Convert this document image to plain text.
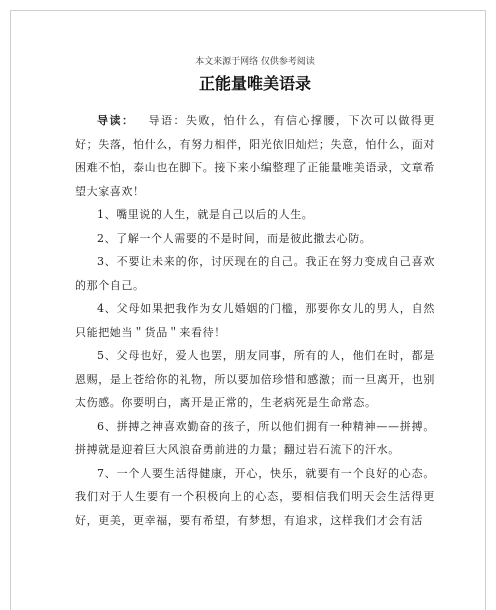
本文来源于网络 仅供参考阅读
正能量唯美语录

导读： 导语：失败，怕什么，有信心撑腰，下次可以做得更好；失落，怕什么，有努力相伴，阳光依旧灿烂；失意，怕什么，面对困难不怕，泰山也在脚下。接下来小编整理了正能量唯美语录，文章希望大家喜欢！

1、嘴里说的人生，就是自己以后的人生。

2、了解一个人需要的不是时间，而是彼此撒去心防。

3、不要让未来的你，讨厌现在的自己。我正在努力变成自己喜欢的那个自己。

4、父母如果把我作为女儿婚姻的门槛，那要你女儿的男人，自然只能把她当＂货品＂来看待！

5、父母也好，爱人也罢，朋友同事，所有的人，他们在时，都是恩赐，是上苍给你的礼物，所以要加倍珍惜和感激；而一旦离开，也别太伤感。你要明白，离开是正常的，生老病死是生命常态。

6、拼搏之神喜欢勤奋的孩子，所以他们拥有一种精神——拼搏。拼搏就是迎着巨大风浪奋勇前进的力量；翻过岩石流下的汗水。

7、一个人要生活得健康，开心，快乐，就要有一个良好的心态。我们对于人生要有一个积极向上的心态，要相信我们明天会生活得更好，更美，更幸福，要有希望，有梦想，有追求，这样我们才会有活
